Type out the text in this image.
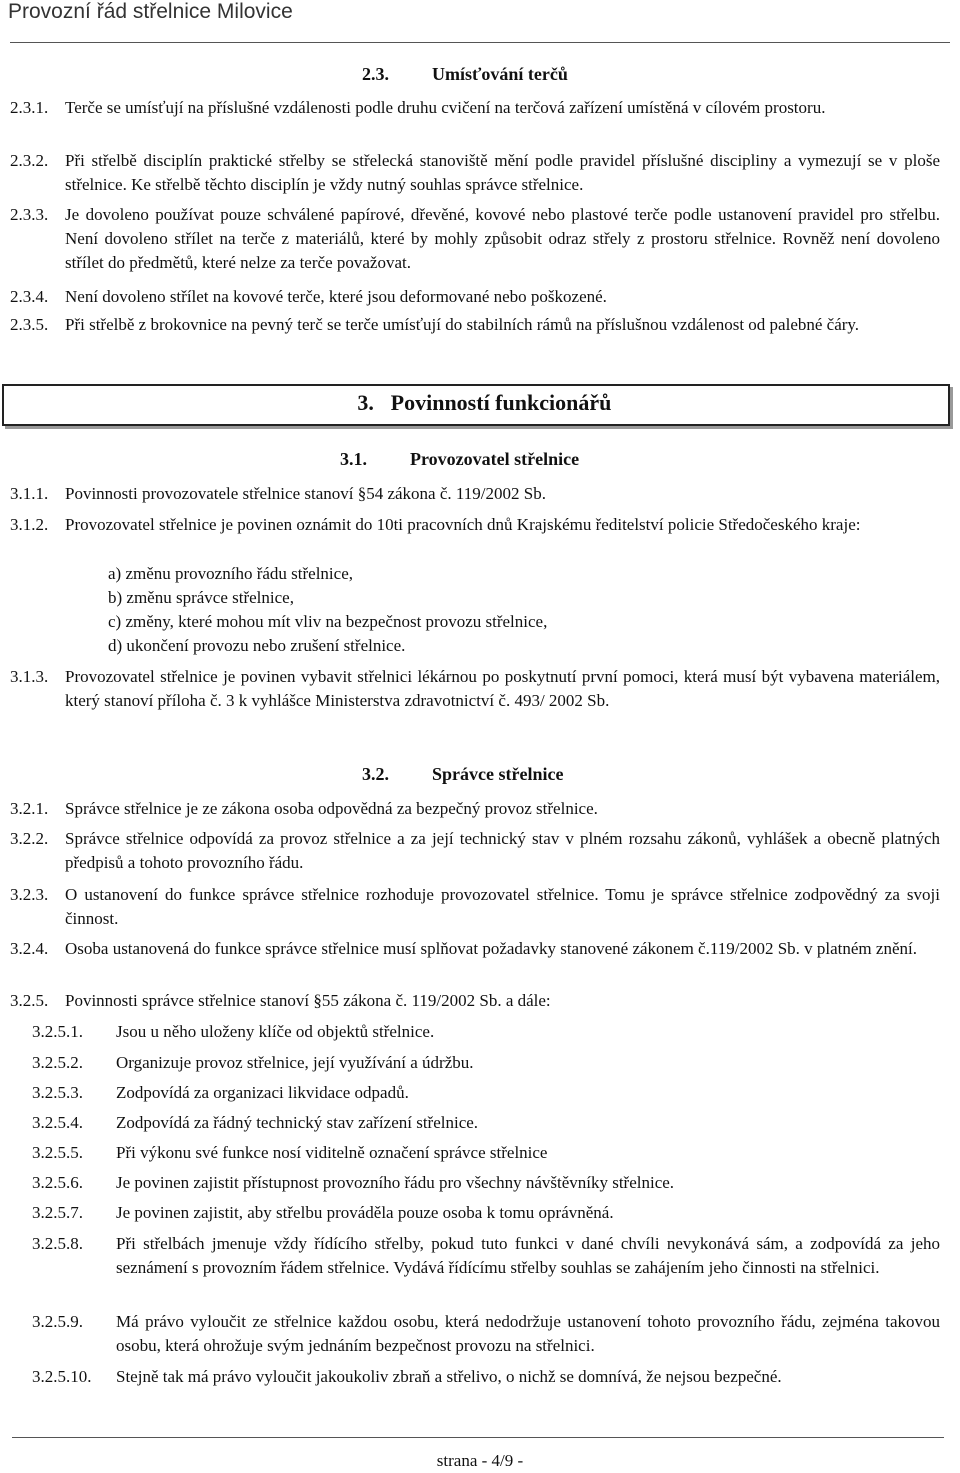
Provozní řád střelnice Milovice
2.3. Umísťování terčů
2.3.1. Terče se umísťují na příslušné vzdálenosti podle druhu cvičení na terčová zařízení umístěná v cílovém prostoru.
2.3.2. Při střelbě disciplín praktické střelby se střelecká stanoviště mění podle pravidel příslušné discipliny a vymezují se v ploše střelnice. Ke střelbě těchto disciplín je vždy nutný souhlas správce střelnice.
2.3.3. Je dovoleno používat pouze schválené papírové, dřevěné, kovové nebo plastové terče podle ustanovení pravidel pro střelbu. Není dovoleno střílet na terče z materiálů, které by mohly způsobit odraz střely z prostoru střelnice. Rovněž není dovoleno střílet do předmětů, které nelze za terče považovat.
2.3.4. Není dovoleno střílet na kovové terče, které jsou deformované nebo poškozené.
2.3.5. Při střelbě z brokovnice na pevný terč se terče umísťují do stabilních rámů na příslušnou vzdálenost od palebné čáry.
3. Povinností funkcionářů
3.1. Provozovatel střelnice
3.1.1. Povinnosti provozovatele střelnice stanoví §54 zákona č. 119/2002 Sb.
3.1.2. Provozovatel střelnice je povinen oznámit do 10ti pracovních dnů Krajskému ředitelství policie Středočeského kraje:
a) změnu provozního řádu střelnice,
b) změnu správce střelnice,
c) změny, které mohou mít vliv na bezpečnost provozu střelnice,
d) ukončení provozu nebo zrušení střelnice.
3.1.3. Provozovatel střelnice je povinen vybavit střelnici lékárnou po poskytnutí první pomoci, která musí být vybavena materiálem, který stanoví příloha č. 3 k vyhlášce Ministerstva zdravotnictví č. 493/ 2002 Sb.
3.2. Správce střelnice
3.2.1. Správce střelnice je ze zákona osoba odpovědná za bezpečný provoz střelnice.
3.2.2. Správce střelnice odpovídá za provoz střelnice a za její technický stav v plném rozsahu zákonů, vyhlášek a obecně platných předpisů a tohoto provozního řádu.
3.2.3. O ustanovení do funkce správce střelnice rozhoduje provozovatel střelnice. Tomu je správce střelnice zodpovědný za svoji činnost.
3.2.4. Osoba ustanovená do funkce správce střelnice musí splňovat požadavky stanovené zákonem č.119/2002 Sb. v platném znění.
3.2.5. Povinnosti správce střelnice stanoví §55 zákona č. 119/2002 Sb. a dále:
3.2.5.1. Jsou u něho uloženy klíče od objektů střelnice.
3.2.5.2. Organizuje provoz střelnice, její využívání a údržbu.
3.2.5.3. Zodpovídá za organizaci likvidace odpadů.
3.2.5.4. Zodpovídá za řádný technický stav zařízení střelnice.
3.2.5.5. Při výkonu své funkce nosí viditelně označení správce střelnice
3.2.5.6. Je povinen zajistit přístupnost provozního řádu pro všechny návštěvníky střelnice.
3.2.5.7. Je povinen zajistit, aby střelbu prováděla pouze osoba k tomu oprávněná.
3.2.5.8. Při střelbách jmenuje vždy řídícího střelby, pokud tuto funkci v dané chvíli nevykonává sám, a zodpovídá za jeho seznámení s provozním řádem střelnice. Vydává řídícímu střelby souhlas se zahájením jeho činnosti na střelnici.
3.2.5.9. Má právo vyloučit ze střelnice každou osobu, která nedodržuje ustanovení tohoto provozního řádu, zejména takovou osobu, která ohrožuje svým jednáním bezpečnost provozu na střelnici.
3.2.5.10. Stejně tak má právo vyloučit jakoukoliv zbraň a střelivo, o nichž se domnívá, že nejsou bezpečné.
strana - 4/9 -
